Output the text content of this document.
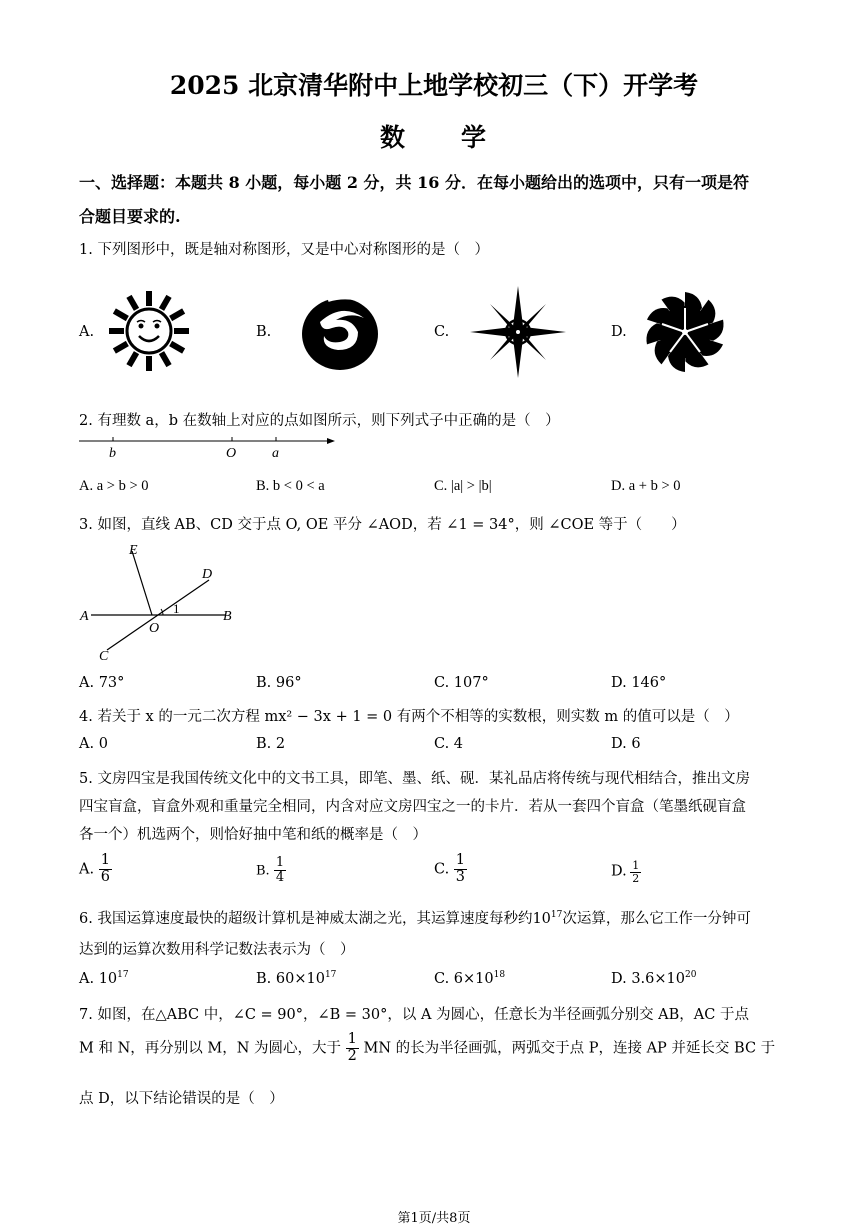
2025 北京清华附中上地学校初三（下）开学考
数　　学
一、选择题：本题共 8 小题，每小题 2 分，共 16 分．在每小题给出的选项中，只有一项是符
合题目要求的.
1. 下列图形中，既是轴对称图形，又是中心对称图形的是（　）
A.	B.	C.	D.
2. 有理数 a，b 在数轴上对应的点如图所示，则下列式子中正确的是（　）
b	O	a
A. a > b > 0	B. b < 0 < a	C. |a| > |b|	D. a + b > 0
3. 如图，直线 AB、CD 交于点 O, OE 平分 ∠AOD，若 ∠1 = 34°，则 ∠COE 等于（　　）
E
D
A
O
1
B
C
A. 73°	B. 96°	C. 107°	D. 146°
4. 若关于 x 的一元二次方程 mx² − 3x + 1 = 0 有两个不相等的实数根，则实数 m 的值可以是（　）
A. 0	B. 2	C. 4	D. 6
5. 文房四宝是我国传统文化中的文书工具，即笔、墨、纸、砚．某礼品店将传统与现代相结合，推出文房
四宝盲盒，盲盒外观和重量完全相同，内含对应文房四宝之一的卡片．若从一套四个盲盒（笔墨纸砚盲盒
各一个）机选两个，则恰好抽中笔和纸的概率是（　）
A. $\frac{1}{6}$	B. $\frac{1}{4}$	C. $\frac{1}{3}$	D. $\frac{1}{2}$
6. 我国运算速度最快的超级计算机是神威太湖之光，其运算速度每秒约$10^{17}$次运算，那么它工作一分钟可
达到的运算次数用科学记数法表示为（　）
A. $10^{17}$	B. $60\times 10^{17}$	C. $6\times 10^{18}$	D. $3.6\times 10^{20}$
7. 如图，在△ABC 中，∠C = 90°，∠B = 30°，以 A 为圆心，任意长为半径画弧分别交 AB，AC 于点
M 和 N，再分别以 M，N 为圆心，大于 $\frac{1}{2}$ MN 的长为半径画弧，两弧交于点 P，连接 AP 并延长交 BC 于
点 D，以下结论错误的是（　）
第1页/共8页
